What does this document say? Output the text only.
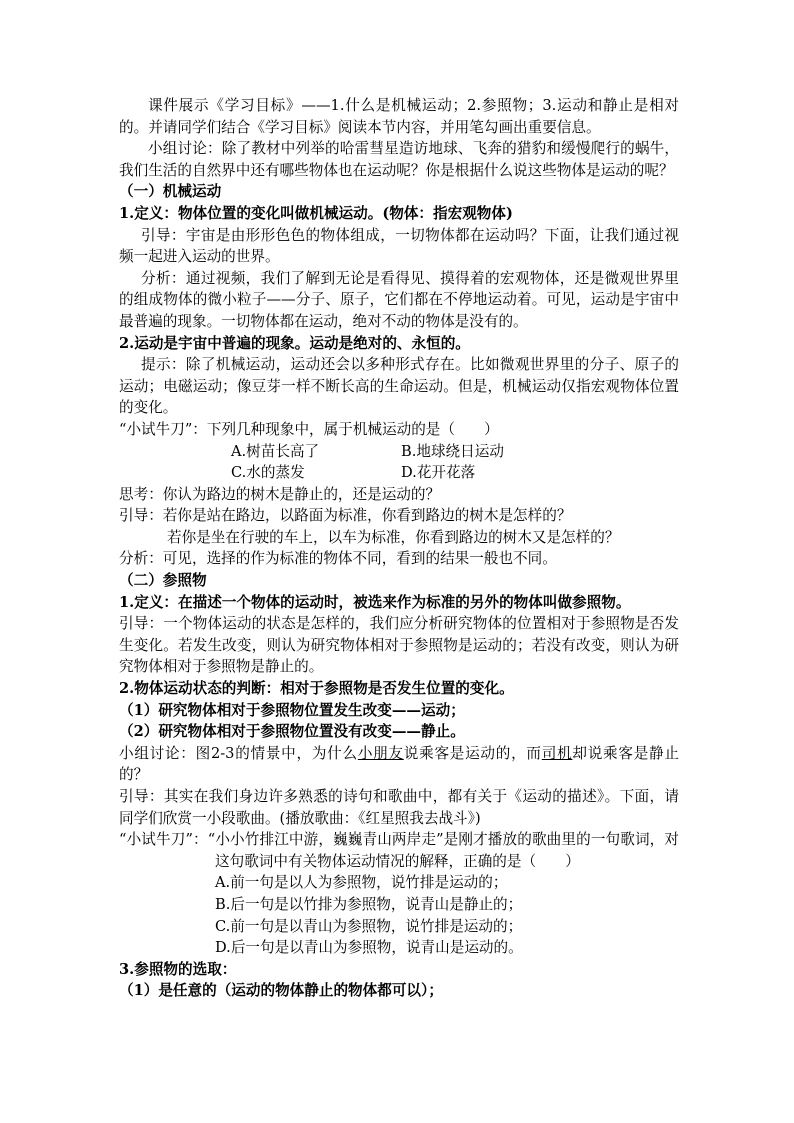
课件展示《学习目标》——1.什么是机械运动；2.参照物；3.运动和静止是相对的。并请同学们结合《学习目标》阅读本节内容，并用笔勾画出重要信息。

小组讨论：除了教材中列举的哈雷彗星造访地球、飞奔的猎豹和缓慢爬行的蜗牛，我们生活的自然界中还有哪些物体也在运动呢？你是根据什么说这些物体是运动的呢？

（一）机械运动

1.定义：物体位置的变化叫做机械运动。(物体：指宏观物体)

引导：宇宙是由形形色色的物体组成，一切物体都在运动吗？下面，让我们通过视频一起进入运动的世界。

分析：通过视频，我们了解到无论是看得见、摸得着的宏观物体，还是微观世界里的组成物体的微小粒子——分子、原子，它们都在不停地运动着。可见，运动是宇宙中最普遍的现象。一切物体都在运动，绝对不动的物体是没有的。

2.运动是宇宙中普遍的现象。运动是绝对的、永恒的。

提示：除了机械运动，运动还会以多种形式存在。比如微观世界里的分子、原子的运动；电磁运动；像豆芽一样不断长高的生命运动。但是，机械运动仅指宏观物体位置的变化。

“小试牛刀”：下列几种现象中，属于机械运动的是（　　）

A.树苗长高了	B.地球绕日运动
C.水的蒸发	D.花开花落

思考：你认为路边的树木是静止的，还是运动的？

引导：若你是站在路边，以路面为标准，你看到路边的树木是怎样的？

若你是坐在行驶的车上，以车为标准，你看到路边的树木又是怎样的？

分析：可见，选择的作为标准的物体不同，看到的结果一般也不同。

（二）参照物

1.定义：在描述一个物体的运动时，被选来作为标准的另外的物体叫做参照物。

引导：一个物体运动的状态是怎样的，我们应分析研究物体的位置相对于参照物是否发生变化。若发生改变，则认为研究物体相对于参照物是运动的；若没有改变，则认为研究物体相对于参照物是静止的。

2.物体运动状态的判断：相对于参照物是否发生位置的变化。

（1）研究物体相对于参照物位置发生改变——运动；

（2）研究物体相对于参照物位置没有改变——静止。

小组讨论：图2-3的情景中，为什么小朋友说乘客是运动的，而司机却说乘客是静止的？

引导：其实在我们身边许多熟悉的诗句和歌曲中，都有关于《运动的描述》。下面，请同学们欣赏一小段歌曲。(播放歌曲：《红星照我去战斗》)

“小试牛刀”：“小小竹排江中游，巍巍青山两岸走”是刚才播放的歌曲里的一句歌词，对这句歌词中有关物体运动情况的解释，正确的是（　　）

A.前一句是以人为参照物，说竹排是运动的；

B.后一句是以竹排为参照物，说青山是静止的；

C.前一句是以青山为参照物，说竹排是运动的；

D.后一句是以青山为参照物，说青山是运动的。

3.参照物的选取：

（1）是任意的（运动的物体静止的物体都可以）；
